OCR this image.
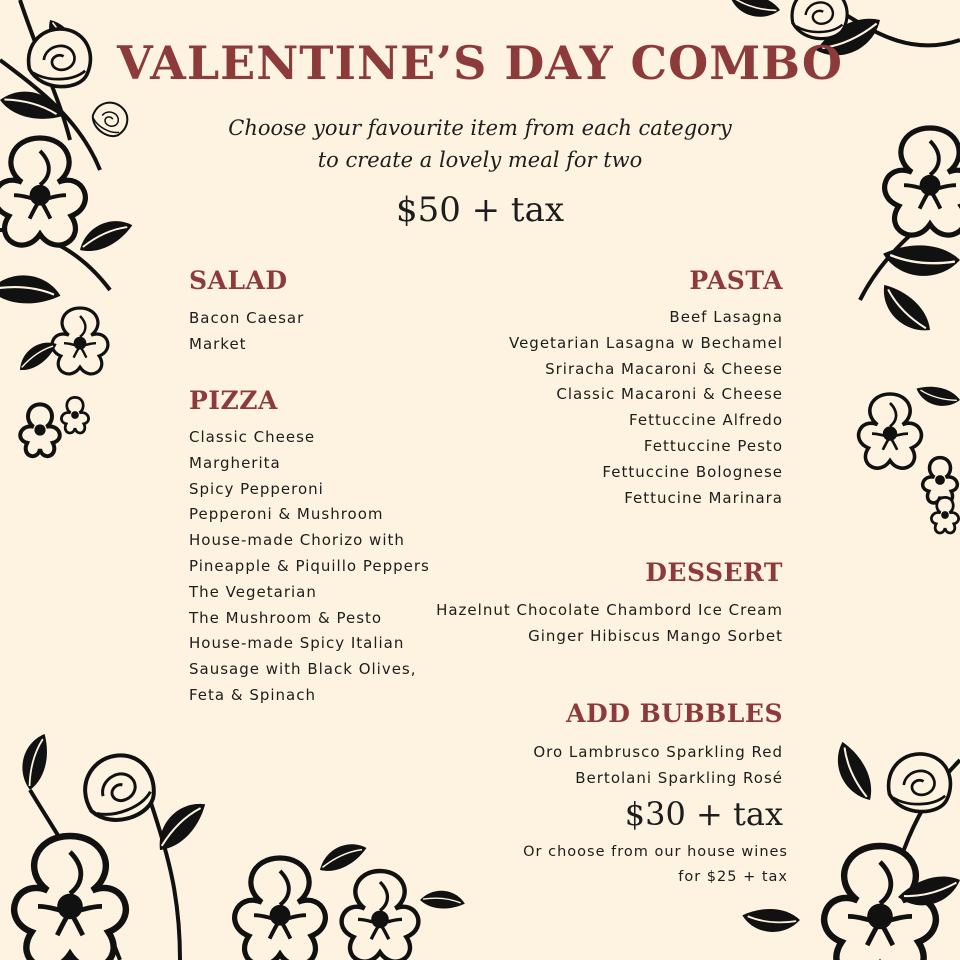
VALENTINE’S DAY COMBO
Choose your favourite item from each category
to create a lovely meal for two
$50 + tax
SALAD
Bacon Caesar
Market
PIZZA
Classic Cheese
Margherita
Spicy Pepperoni
Pepperoni & Mushroom
House-made Chorizo with
Pineapple & Piquillo Peppers
The Vegetarian
The Mushroom & Pesto
House-made Spicy Italian
Sausage with Black Olives,
Feta & Spinach
PASTA
Beef Lasagna
Vegetarian Lasagna w Bechamel
Sriracha Macaroni & Cheese
Classic Macaroni & Cheese
Fettuccine Alfredo
Fettuccine Pesto
Fettuccine Bolognese
Fettucine Marinara
DESSERT
Hazelnut Chocolate Chambord Ice Cream
Ginger Hibiscus Mango Sorbet
ADD BUBBLES
Oro Lambrusco Sparkling Red
Bertolani Sparkling Rosé
$30 + tax
Or choose from our house wines
for $25 + tax
